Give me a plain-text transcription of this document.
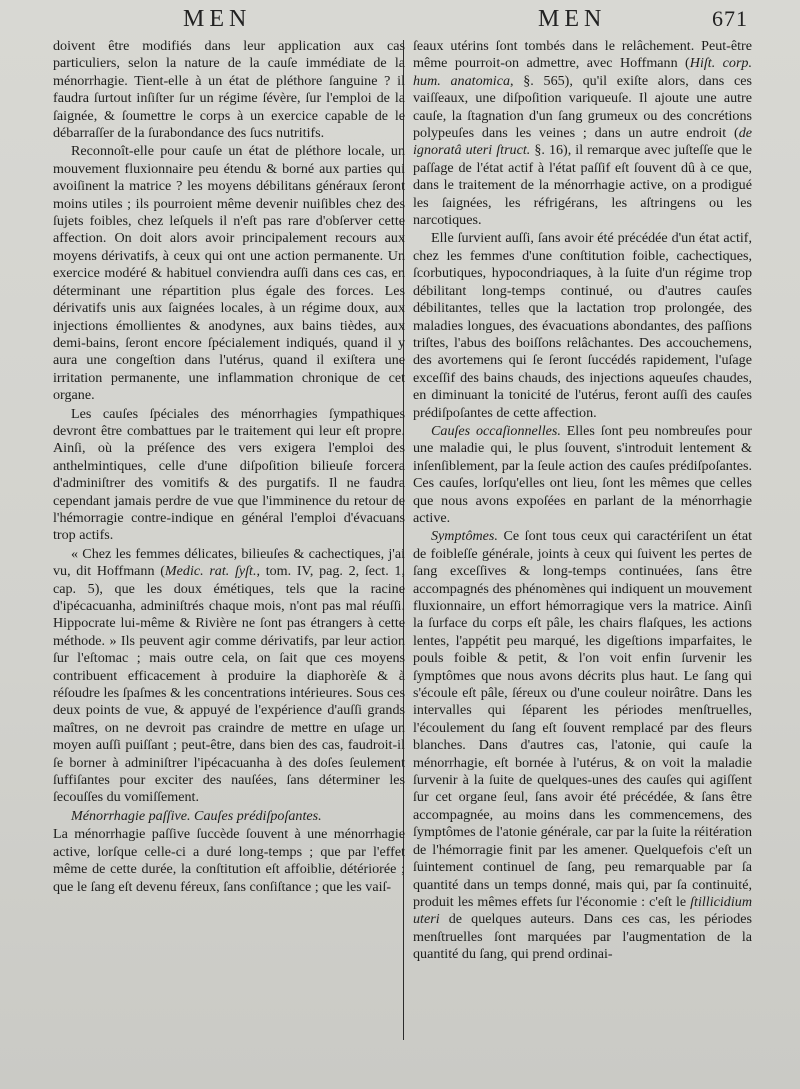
MEN	MEN	671

doivent être modifiés dans leur application aux cas particuliers, selon la nature de la cauſe immédiate de la ménorrhagie. Tient-elle à un état de pléthore ſanguine ? il faudra ſurtout inſiſter ſur un régime ſévère, ſur l'emploi de la ſaignée, & ſoumettre le corps à un exercice capable de le débarraſſer de la ſurabondance des ſucs nutritifs.

Reconnoît-elle pour cauſe un état de pléthore locale, un mouvement fluxionnaire peu étendu & borné aux parties qui avoiſinent la matrice ? les moyens débilitans généraux ſeront moins utiles ; ils pourroient même devenir nuiſibles chez des ſujets foibles, chez leſquels il n'eſt pas rare d'obſerver cette affection. On doit alors avoir principalement recours aux moyens dérivatifs, à ceux qui ont une action permanente. Un exercice modéré & habituel conviendra auſſi dans ces cas, en déterminant une répartition plus égale des forces. Les dérivatifs unis aux ſaignées locales, à un régime doux, aux injections émollientes & anodynes, aux bains tièdes, aux demi-bains, ſeront encore ſpécialement indiqués, quand il y aura une congeſtion dans l'utérus, quand il exiſtera une irritation permanente, une inflammation chronique de cet organe.

Les cauſes ſpéciales des ménorrhagies ſympathiques devront être combattues par le traitement qui leur eſt propre. Ainſi, où la préſence des vers exigera l'emploi des anthelmintiques, celle d'une diſpoſition bilieuſe forcera d'adminiſtrer des vomitifs & des purgatifs. Il ne faudra cependant jamais perdre de vue que l'imminence du retour de l'hémorragie contre-indique en général l'emploi d'évacuans trop actifs.

« Chez les femmes délicates, bilieuſes & cachectiques, j'ai vu, dit Hoffmann (Medic. rat. ſyſt., tom. IV, pag. 2, ſect. 1, cap. 5), que les doux émétiques, tels que la racine d'ipécacuanha, adminiſtrés chaque mois, n'ont pas mal réuſſi. Hippocrate lui-même & Rivière ne ſont pas étrangers à cette méthode. » Ils peuvent agir comme dérivatifs, par leur action ſur l'eſtomac ; mais outre cela, on ſait que ces moyens contribuent efficacement à produire la diaphorèſe & à réſoudre les ſpaſmes & les concentrations intérieures. Sous ces deux points de vue, & appuyé de l'expérience d'auſſi grands maîtres, on ne devroit pas craindre de mettre en uſage un moyen auſſi puiſſant ; peut-être, dans bien des cas, faudroit-il ſe borner à adminiſtrer l'ipécacuanha à des doſes ſeulement ſuffiſantes pour exciter des nauſées, ſans déterminer les ſecouſſes du vomiſſement.

Ménorrhagie paſſive. Cauſes prédiſpoſantes.

La ménorrhagie paſſive ſuccède ſouvent à une ménorrhagie active, lorſque celle-ci a duré long-temps ; que par l'effet même de cette durée, la conſtitution eſt affoiblie, détériorée ; que le ſang eſt devenu féreux, ſans conſiſtance ; que les vaiſ-

ſeaux utérins ſont tombés dans le relâchement. Peut-être même pourroit-on admettre, avec Hoffmann (Hiſt. corp. hum. anatomica, §. 565), qu'il exiſte alors, dans ces vaiſſeaux, une diſpoſition variqueuſe. Il ajoute une autre cauſe, la ſtagnation d'un ſang grumeux ou des concrétions polypeuſes dans les veines ; dans un autre endroit (de ignoratâ uteri ſtruct. §. 16), il remarque avec juſteſſe que le paſſage de l'état actif à l'état paſſif eſt ſouvent dû à ce que, dans le traitement de la ménorrhagie active, on a prodigué les ſaignées, les réfrigérans, les aſtringens ou les narcotiques.

Elle ſurvient auſſi, ſans avoir été précédée d'un état actif, chez les femmes d'une conſtitution foible, cachectiques, ſcorbutiques, hypocondriaques, à la ſuite d'un régime trop débilitant long-temps continué, ou d'autres cauſes débilitantes, telles que la lactation trop prolongée, des maladies longues, des évacuations abondantes, des paſſions triſtes, l'abus des boiſſons relâchantes. Des accouchemens, des avortemens qui ſe ſeront ſuccédés rapidement, l'uſage exceſſif des bains chauds, des injections aqueuſes chaudes, en diminuant la tonicité de l'utérus, feront auſſi des cauſes prédiſpoſantes de cette affection.

Cauſes occaſionnelles. Elles ſont peu nombreuſes pour une maladie qui, le plus ſouvent, s'introduit lentement & inſenſiblement, par la ſeule action des cauſes prédiſpoſantes. Ces cauſes, lorſqu'elles ont lieu, ſont les mêmes que celles que nous avons expoſées en parlant de la ménorrhagie active.

Symptômes. Ce ſont tous ceux qui caractériſent un état de foibleſſe générale, joints à ceux qui ſuivent les pertes de ſang exceſſives & long-temps continuées, ſans être accompagnés des phénomènes qui indiquent un mouvement fluxionnaire, un effort hémorragique vers la matrice. Ainſi la ſurface du corps eſt pâle, les chairs flaſques, les actions lentes, l'appétit peu marqué, les digeſtions imparfaites, le pouls foible & petit, & l'on voit enfin ſurvenir les ſymptômes que nous avons décrits plus haut. Le ſang qui s'écoule eſt pâle, ſéreux ou d'une couleur noirâtre. Dans les intervalles qui ſéparent les périodes menſtruelles, l'écoulement du ſang eſt ſouvent remplacé par des fleurs blanches. Dans d'autres cas, l'atonie, qui cauſe la ménorrhagie, eſt bornée à l'utérus, & on voit la maladie ſurvenir à la ſuite de quelques-unes des cauſes qui agiſſent ſur cet organe ſeul, ſans avoir été précédée, & ſans être accompagnée, au moins dans les commencemens, des ſymptômes de l'atonie générale, car par la ſuite la réitération de l'hémorragie finit par les amener. Quelquefois c'eſt un ſuintement continuel de ſang, peu remarquable par ſa quantité dans un temps donné, mais qui, par ſa continuité, produit les mêmes effets ſur l'économie : c'eſt le ſtillicidium uteri de quelques auteurs. Dans ces cas, les périodes menſtruelles ſont marquées par l'augmentation de la quantité du ſang, qui prend ordinai-
